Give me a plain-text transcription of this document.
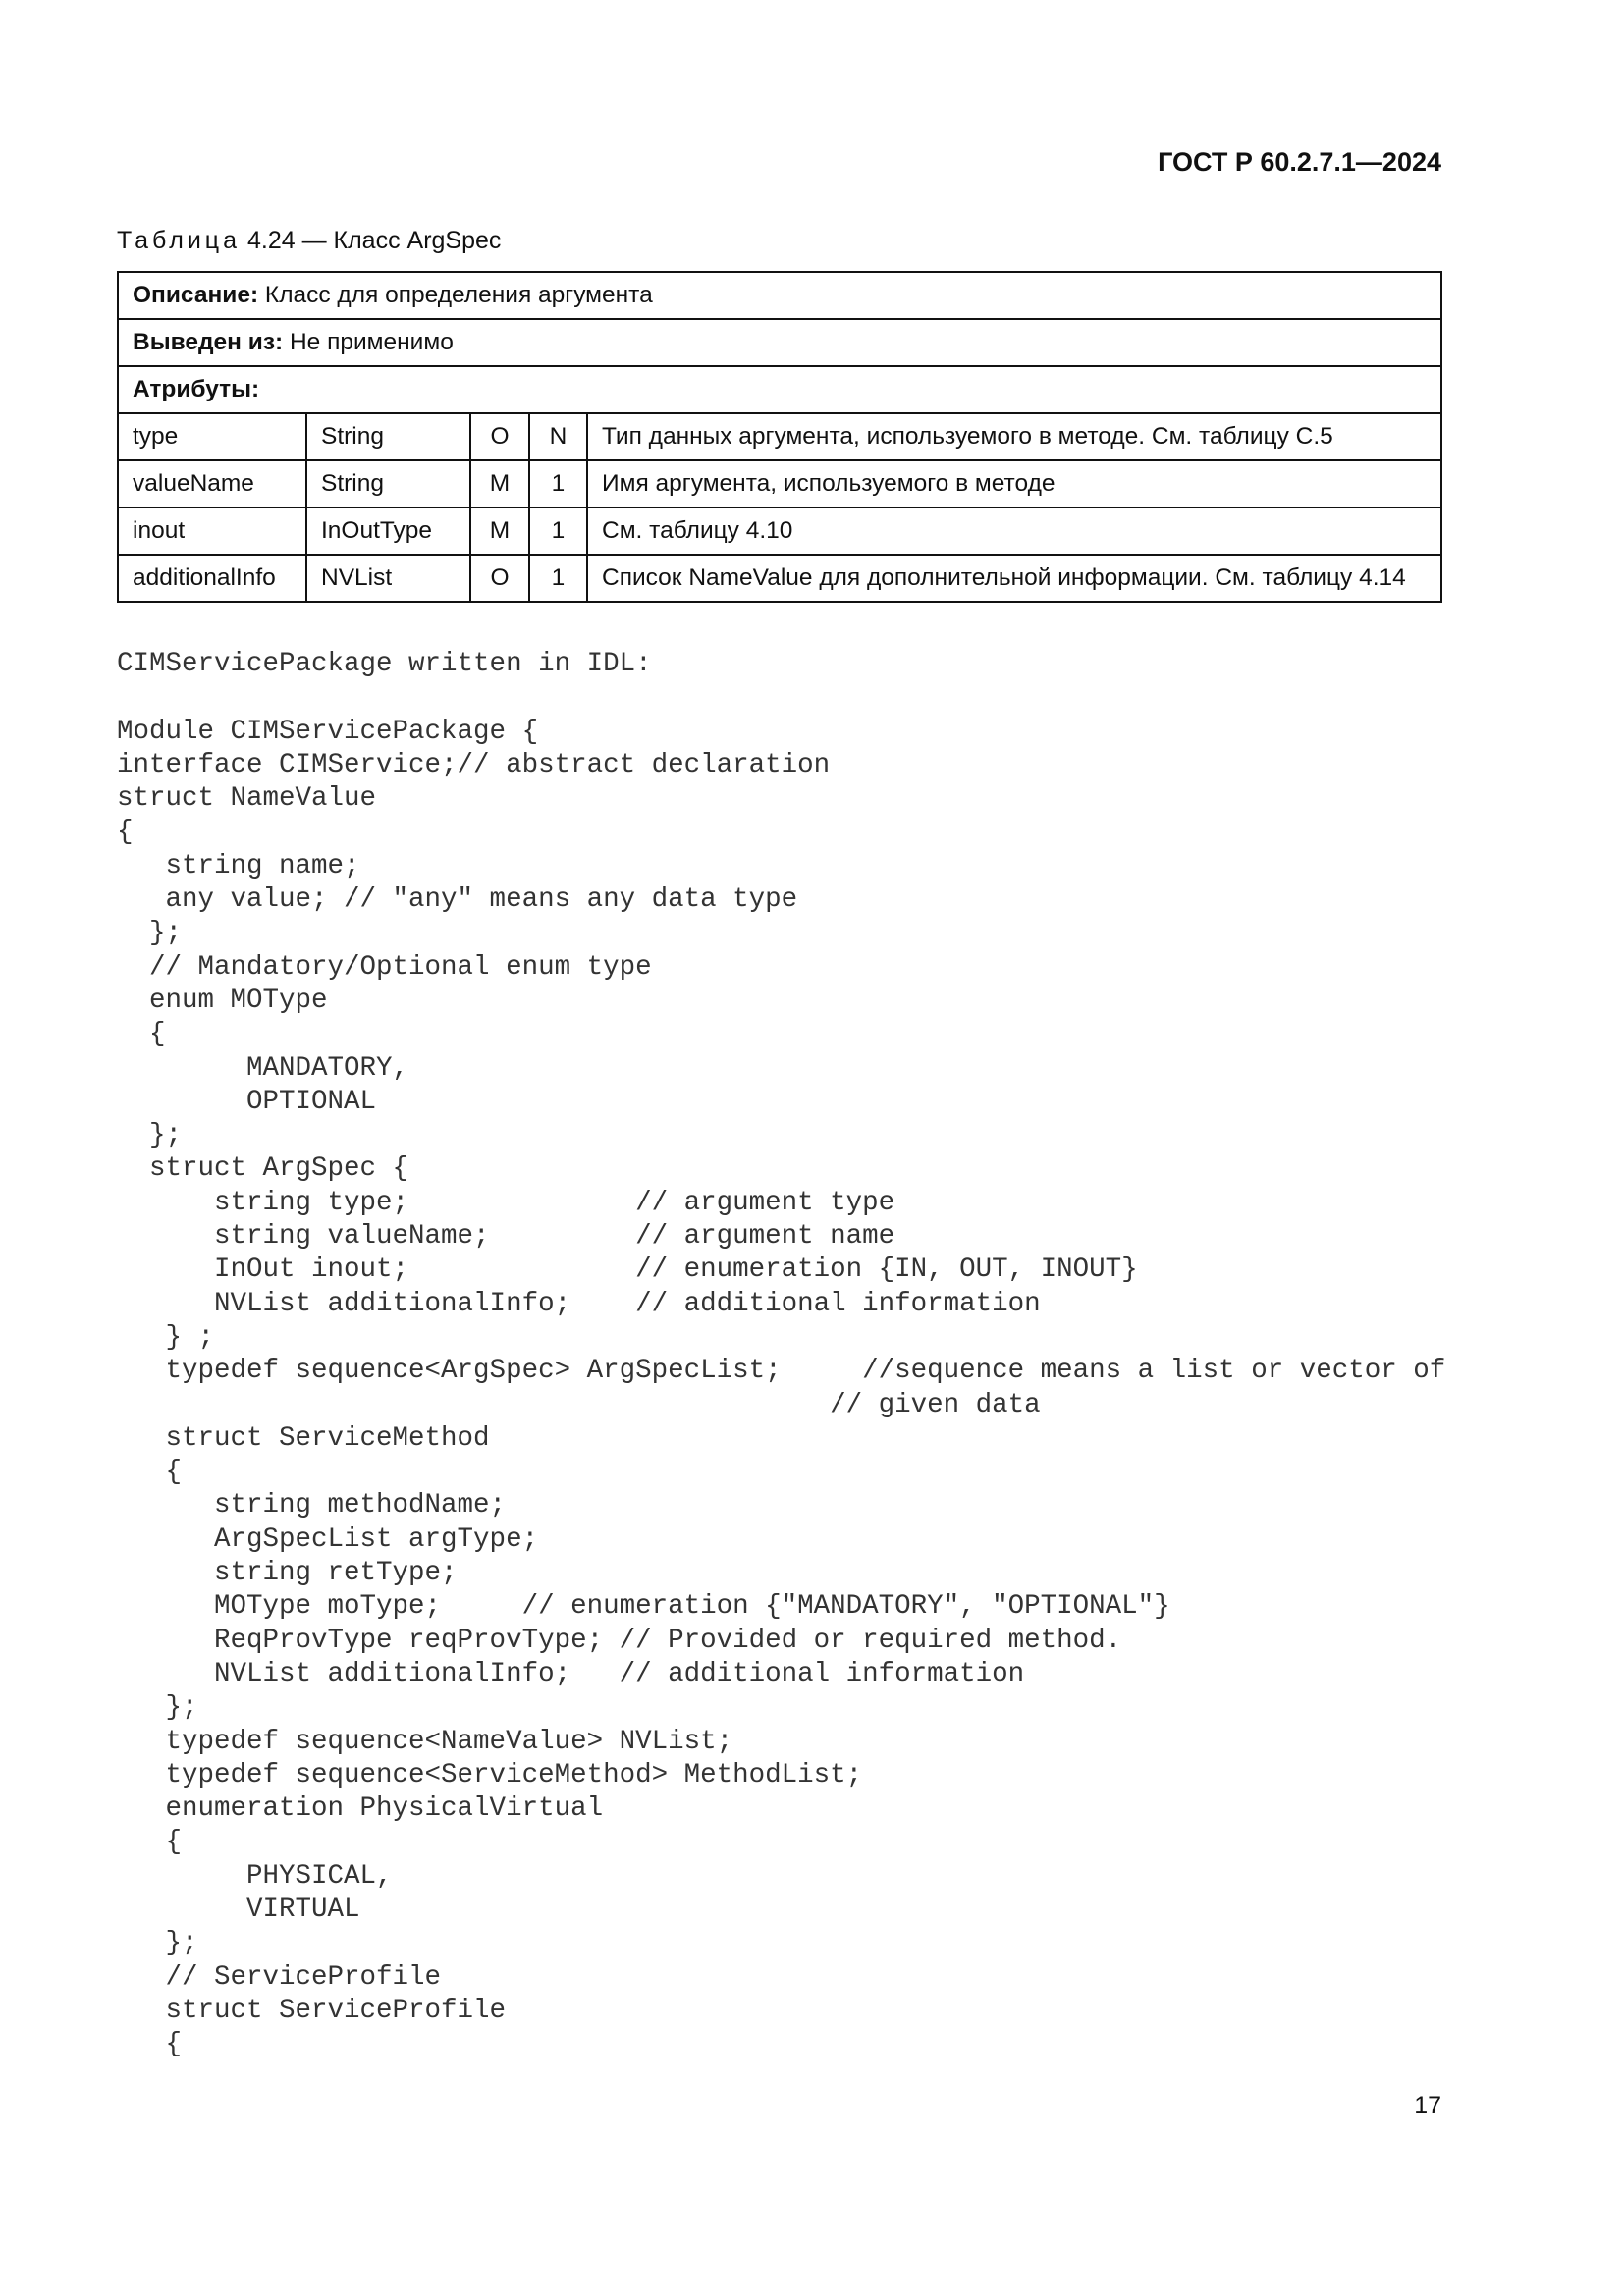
ГОСТ Р 60.2.7.1—2024
Таблица 4.24 — Класс ArgSpec
Описание: Класс для определения аргумента				
Выведен из: Не применимо				
Атрибуты:				
type	String	O	N	Тип данных аргумента, используемого в методе. См. таблицу С.5
valueName	String	M	1	Имя аргумента, используемого в методе
inout	InOutType	M	1	См. таблицу 4.10
additionalInfo	NVList	O	1	Список NameValue для дополнительной информации. См. таблицу 4.14
CIMServicePackage written in IDL:

Module CIMServicePackage {
interface CIMService;// abstract declaration
struct NameValue
{
string name;
any value; // "any" means any data type
};
// Mandatory/Optional enum type
enum MOType
{
MANDATORY,
OPTIONAL
};
struct ArgSpec {
string type;              // argument type
string valueName;         // argument name
InOut inout;              // enumeration {IN, OUT, INOUT}
NVList additionalInfo;    // additional information
} ;
typedef sequence<ArgSpec> ArgSpecList;     //sequence means a list or vector of
// given data
struct ServiceMethod
{
string methodName;
ArgSpecList argType;
string retType;
MOType moType;     // enumeration {"MANDATORY", "OPTIONAL"}
ReqProvType reqProvType; // Provided or required method.
NVList additionalInfo;   // additional information
};
typedef sequence<NameValue> NVList;
typedef sequence<ServiceMethod> MethodList;
enumeration PhysicalVirtual
{
PHYSICAL,
VIRTUAL
};
// ServiceProfile
struct ServiceProfile
{
17
